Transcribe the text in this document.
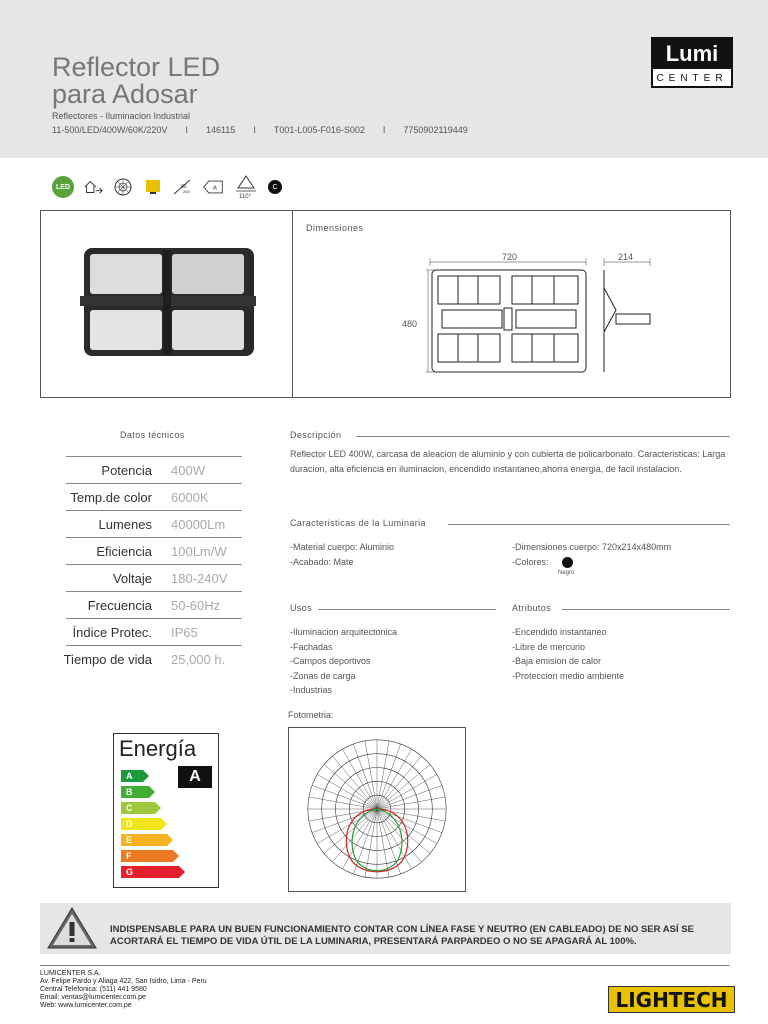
Reflector LED
para Adosar
Reflectores - Iluminacion Industrial
11-500/LED/400W/60K/220V I 146115 I T001-L005-F016-S002 I 7750902119449
Lumi
CENTER
LED	85
265	A
110°
C
Dimensiones
720	214
480
Datos técnicos
Potencia 400W
Temp.de color 6000K
Lumenes 40000Lm
Eficiencia 100Lm/W
Voltaje 180-240V
Frecuencia 50-60Hz
Índice Protec. IP65
Tiempo de vida 25,000 h.
Descripción
Reflector LED 400W, carcasa de aleacion de aluminio y con cubierta de policarbonato. Caracteristicas: Larga duracion, alta eficiencia en iluminacion, encendido instantaneo,ahorra energia, de facil instalacion.
Caracteristicas de la Luminaria
-Material cuerpo: Aluminio
-Acabado: Mate
-Dimensiones cuerpo: 720x214x480mm
-Colores:
Negro
Usos
-Iluminacion arquitectonica
-Fachadas
-Campos deportivos
-Zonas de carga
-Industrias
Atributos
-Encendido instantaneo
-Libre de mercurio
-Baja emision de calor
-Proteccion medio ambiente
Energía
A
B
C
D
E
F
G
A
Fotometria:
INDISPENSABLE PARA UN BUEN FUNCIONAMIENTO CONTAR CON LÍNEA FASE Y NEUTRO (EN CABLEADO) DE NO SER ASÍ SE ACORTARÁ EL TIEMPO DE VIDA ÚTIL DE LA LUMINARIA, PRESENTARÁ PARPARDEO O NO SE APAGARÁ AL 100%.
LUMICENTER S.A.
Av. Felipe Pardo y Aliaga 422, San Isidro, Lima - Peru
Central Telefonica: (511) 441 9580
Email: ventas@lumicenter.com.pe
Web: www.lumicenter.com.pe	LIGHTECH
